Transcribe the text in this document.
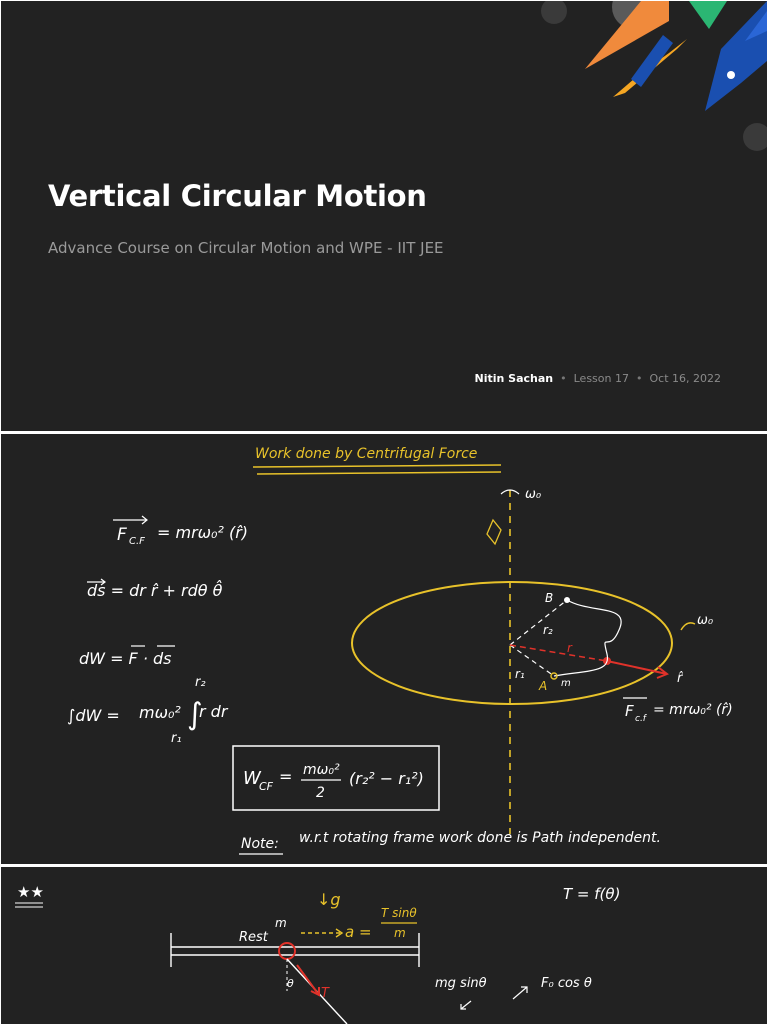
Vertical Circular Motion
Advance Course on Circular Motion and WPE - IIT JEE
Nitin Sachan • Lesson 17 • Oct 16, 2022
Work done by Centrifugal Force
F C.F = mrω₀² (r̂)
ds = dr r̂ + rdθ θ̂
dW = F · ds
∫dW = mω₀² ∫
r dr
r₂
r₁
W
CF
= mω₀²
2
(r₂² − r₁²)
ω₀
B
A m
r₂
r₁
r
ω₀
r̂
F c.f
= mrω₀² (r̂)
Note: w.r.t rotating frame work done is Path independent.
★★	↓g	T = f(θ)
Rest
m	a =
T sinθ
m
T
θ	mg sinθ	F₀ cos θ
